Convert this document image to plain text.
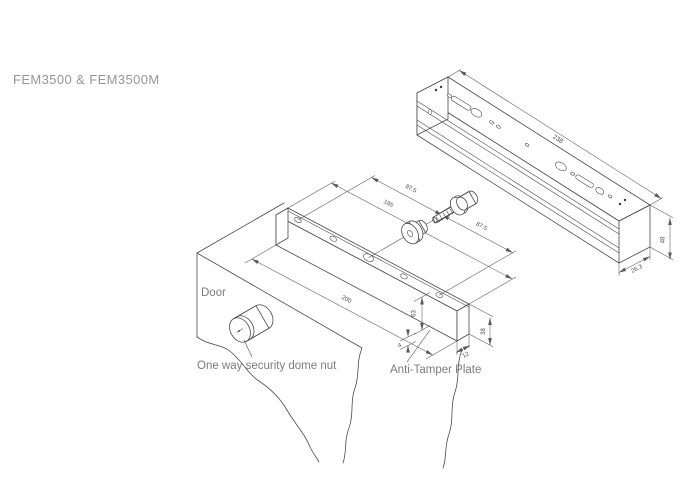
FEM3500 & FEM3500M
200
87.5
87.5
185
38
12
63
4
238
48
26.3
Door
One way security dome nut	Anti-Tamper Plate
